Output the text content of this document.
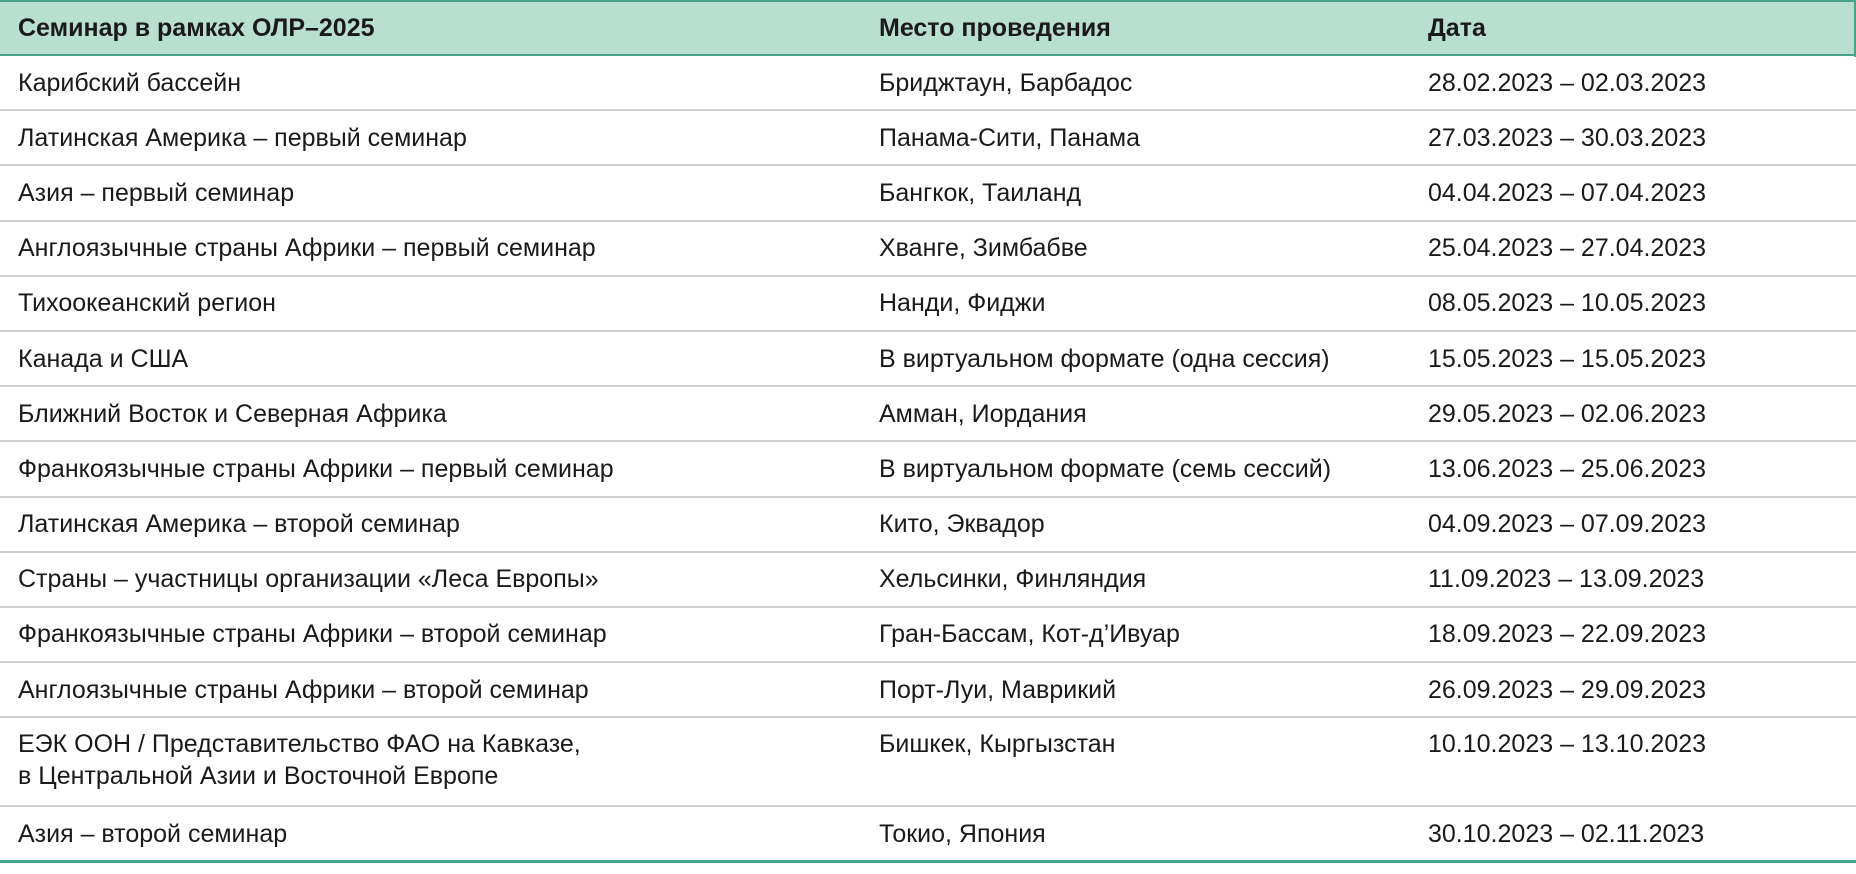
Семинар в рамках ОЛР–2025	Место проведения	Дата
Карибский бассейн	Бриджтаун, Барбадос	28.02.2023 – 02.03.2023
Латинская Америка – первый семинар	Панама-Сити, Панама	27.03.2023 – 30.03.2023
Азия – первый семинар	Бангкок, Таиланд	04.04.2023 – 07.04.2023
Англоязычные страны Африки – первый семинар	Хванге, Зимбабве	25.04.2023 – 27.04.2023
Тихоокеанский регион	Нанди, Фиджи	08.05.2023 – 10.05.2023
Канада и США	В виртуальном формате (одна сессия)	15.05.2023 – 15.05.2023
Ближний Восток и Северная Африка	Амман, Иордания	29.05.2023 – 02.06.2023
Франкоязычные страны Африки – первый семинар	В виртуальном формате (семь сессий)	13.06.2023 – 25.06.2023
Латинская Америка – второй семинар	Кито, Эквадор	04.09.2023 – 07.09.2023
Страны – участницы организации «Леса Европы»	Хельсинки, Финляндия	11.09.2023 – 13.09.2023
Франкоязычные страны Африки – второй семинар	Гран-Бассам, Кот-д’Ивуар	18.09.2023 – 22.09.2023
Англоязычные страны Африки – второй семинар	Порт-Луи, Маврикий	26.09.2023 – 29.09.2023

ЕЭК ООН / Представительство ФАО на Кавказе,
в Центральной Азии и Восточной Европе	Бишкек, Кыргызстан	10.10.2023 – 13.10.2023
Азия – второй семинар	Токио, Япония	30.10.2023 – 02.11.2023
